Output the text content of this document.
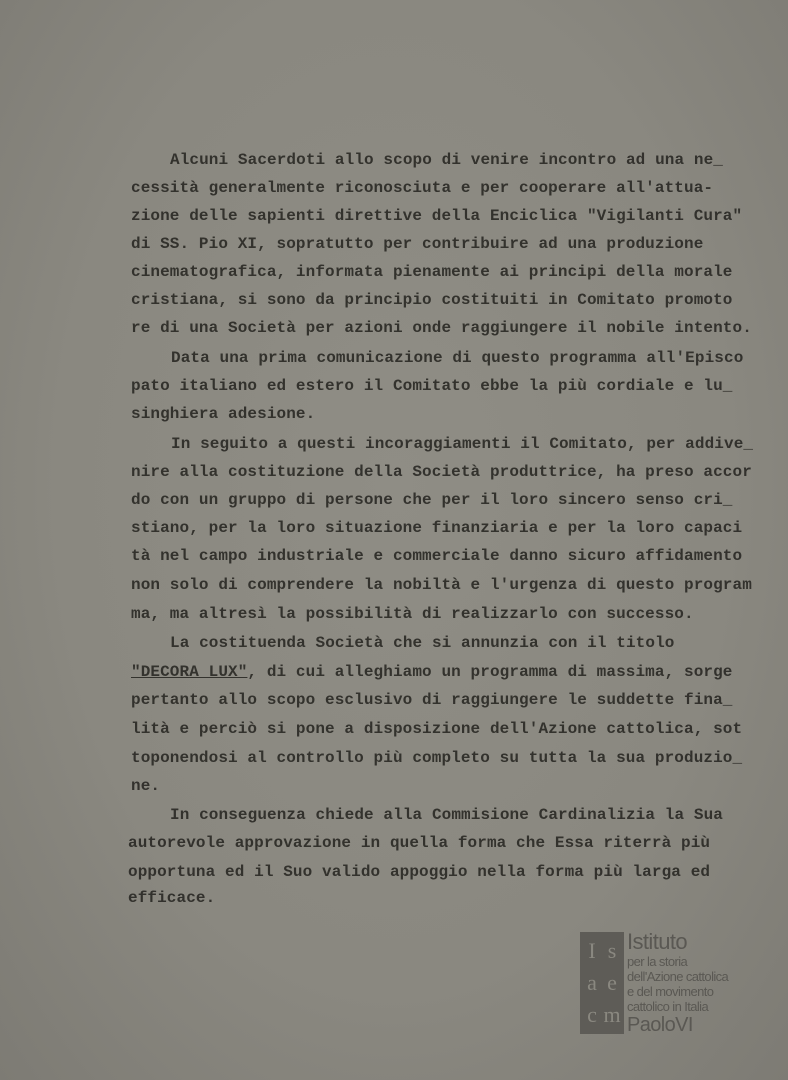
Alcuni Sacerdoti allo scopo di venire incontro ad una ne_
cessità generalmente riconosciuta e per cooperare all'attua-
zione delle sapienti direttive della Enciclica "Vigilanti Cura"
di SS. Pio XI, sopratutto per contribuire ad una produzione
cinematografica, informata pienamente ai principi della morale
cristiana, si sono da principio costituiti in Comitato promoto
re di una Società per azioni onde raggiungere il nobile intento.
Data una prima comunicazione di questo programma all'Episco
pato italiano ed estero il Comitato ebbe la più cordiale e lu_
singhiera adesione.
In seguito a questi incoraggiamenti il Comitato, per addive_
nire alla costituzione della Società produttrice, ha preso accor
do con un gruppo di persone che per il loro sincero senso cri_
stiano, per la loro situazione finanziaria e per la loro capaci
tà nel campo industriale e commerciale danno sicuro affidamento
non solo di comprendere la nobiltà e l'urgenza di questo program
ma, ma altresì la possibilità di realizzarlo con successo.
La costituenda Società che si annunzia con il titolo
"DECORA LUX", di cui alleghiamo un programma di massima, sorge
pertanto allo scopo esclusivo di raggiungere le suddette fina_
lità e perciò si pone a disposizione dell'Azione cattolica, sot
toponendosi al controllo più completo su tutta la sua produzio_
ne.
In conseguenza chiede alla Commisione Cardinalizia la Sua
autorevole approvazione in quella forma che Essa riterrà più
opportuna ed il Suo valido appoggio nella forma più larga ed
efficace.
I s
a e
c m
Istituto
per la storia
dell'Azione cattolica
e del movimento
cattolico in Italia
PaoloVI
